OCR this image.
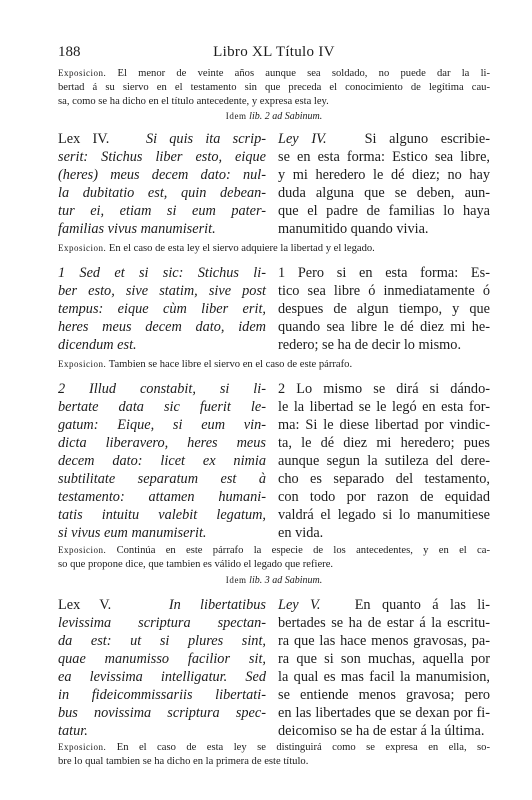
188	Libro XL Título IV
Exposicion. El menor de veinte años aunque sea soldado, no puede dar la li-
bertad á su siervo en el testamento sin que preceda el conocimiento de legítima cau-
sa, como se ha dicho en el título antecedente, y expresa esta ley.
Idem lib. 2 ad Sabinum.
Lex IV.	Si quis ita scrip-
serit: Stichus liber esto, eique
(heres) meus decem dato: nul-
la dubitatio est, quin debean-
tur ei, etiam si eum pater-
familias vivus manumiserit.
Ley IV.	Si alguno escribie-
se en esta forma: Estico sea libre,
y mi heredero le dé diez; no hay
duda alguna que se deben, aun-
que el padre de familias lo haya
manumitido quando vivia.
Exposicion. En el caso de esta ley el siervo adquiere la libertad y el legado.
1 Sed et si sic: Stichus li-
ber esto, sive statim, sive post
tempus: eique cùm liber erit,
heres meus decem dato, idem
dicendum est.
1 Pero si en esta forma: Es-
tico sea libre ó inmediatamente ó
despues de algun tiempo, y que
quando sea libre le dé diez mi he-
redero; se ha de decir lo mismo.
Exposicion. Tambien se hace libre el siervo en el caso de este párrafo.
2 Illud constabit, si li-
bertate data sic fuerit le-
gatum: Eique, si eum vin-
dicta liberavero, heres meus
decem dato: licet ex nimia
subtilitate separatum est à
testamento: attamen humani-
tatis intuitu valebit legatum,
si vivus eum manumiserit.
2 Lo mismo se dirá si dándo-
le la libertad se le legó en esta for-
ma: Si le diese libertad por vindic-
ta, le dé diez mi heredero; pues
aunque segun la sutileza del dere-
cho es separado del testamento,
con todo por razon de equidad
valdrá el legado si lo manumitiese
en vida.
Exposicion. Continúa en este párrafo la especie de los antecedentes, y en el ca-
so que propone dice, que tambien es válido el legado que refiere.
Idem lib. 3 ad Sabinum.
Lex V.	In libertatibus
levissima scriptura spectan-
da est: ut si plures sint,
quae manumisso facilior sit,
ea levissima intelligatur. Sed
in fideicommissariis libertati-
bus novissima scriptura spec-
tatur.
Ley V. En quanto á las li-
bertades se ha de estar á la escritu-
ra que las hace menos gravosas, pa-
ra que si son muchas, aquella por
la qual es mas facil la manumision,
se entiende menos gravosa; pero
en las libertades que se dexan por fi-
deicomiso se ha de estar á la última.
Exposicion. En el caso de esta ley se distinguirá como se expresa en ella, so-
bre lo qual tambien se ha dicho en la primera de este título.
